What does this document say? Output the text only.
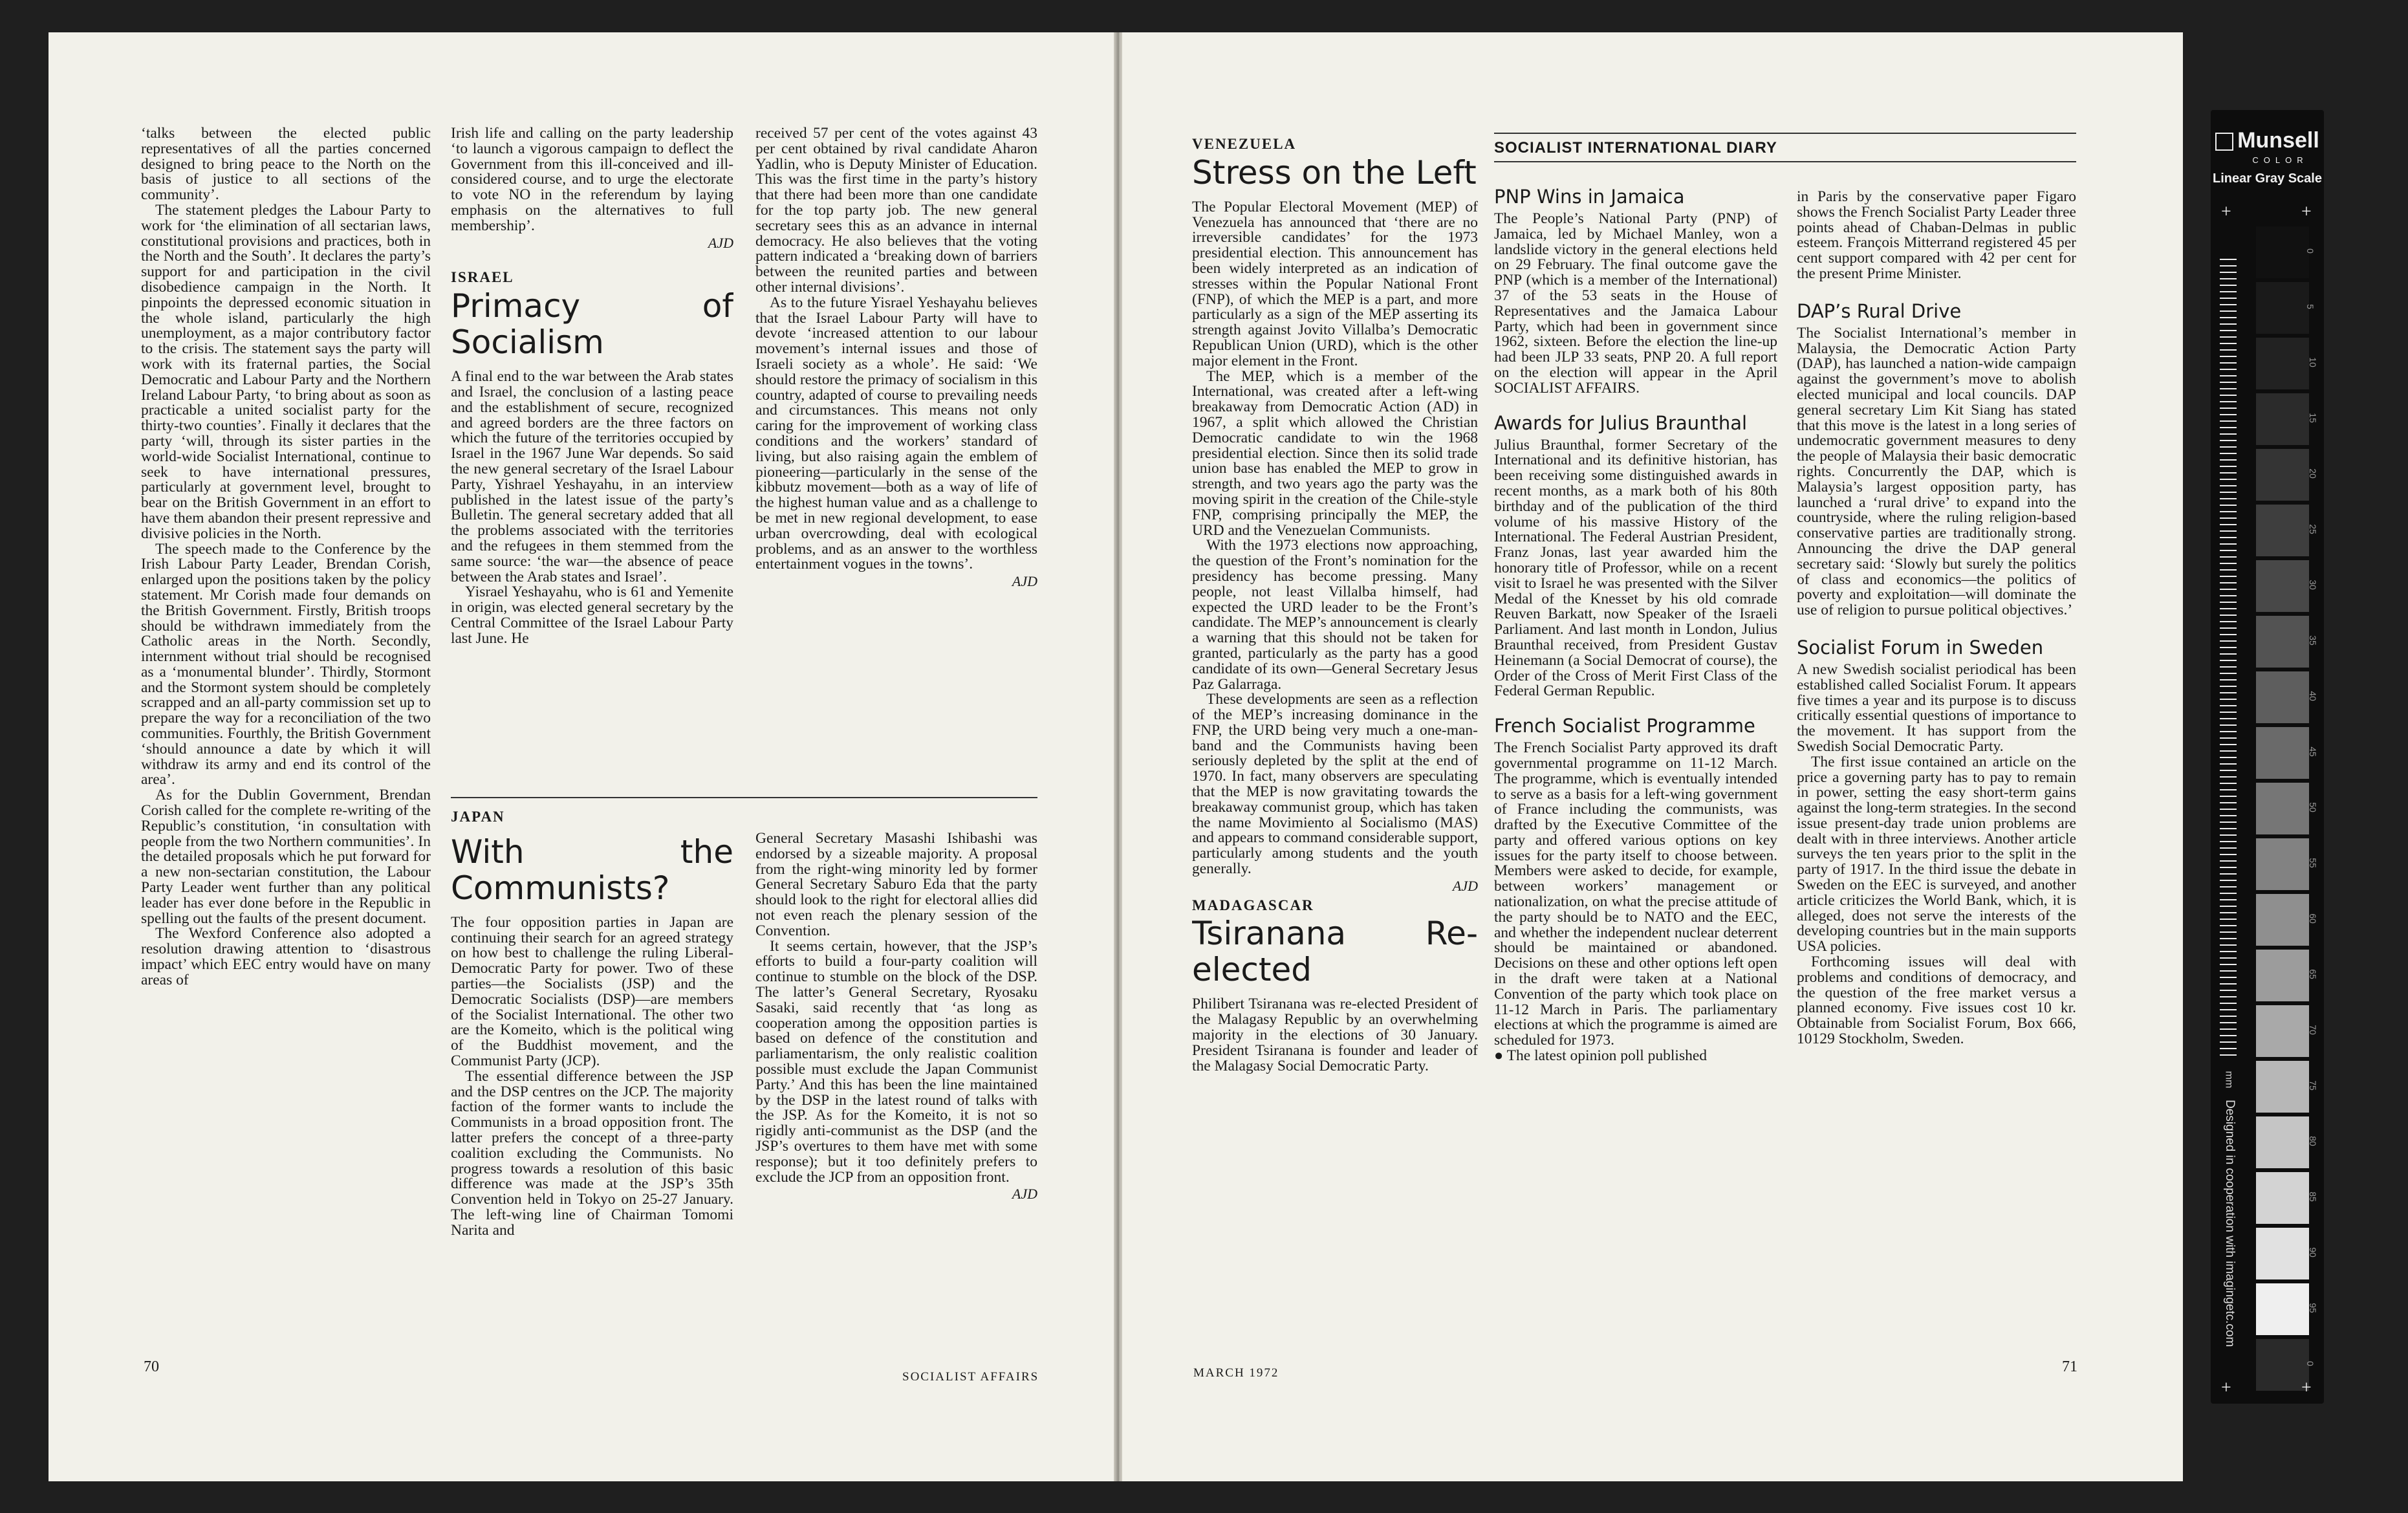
‘talks between the elected public representatives of all the parties concerned designed to bring peace to the North on the basis of justice to all sections of the community’.

The statement pledges the Labour Party to work for ‘the elimination of all sectarian laws, constitutional provisions and practices, both in the North and the South’. It declares the party’s support for and participation in the civil disobedience campaign in the North. It pinpoints the depressed economic situation in the whole island, particularly the high unemployment, as a major contributory factor to the crisis. The statement says the party will work with its fraternal parties, the Social Democratic and Labour Party and the Northern Ireland Labour Party, ‘to bring about as soon as practicable a united socialist party for the thirty-two counties’. Finally it declares that the party ‘will, through its sister parties in the world-wide Socialist International, continue to seek to have international pressures, particularly at government level, brought to bear on the British Government in an effort to have them abandon their present repressive and divisive policies in the North.

The speech made to the Conference by the Irish Labour Party Leader, Brendan Corish, enlarged upon the positions taken by the policy statement. Mr Corish made four demands on the British Government. Firstly, British troops should be withdrawn immediately from the Catholic areas in the North. Secondly, internment without trial should be recognised as a ‘monumental blunder’. Thirdly, Stormont and the Stormont system should be completely scrapped and an all-party commission set up to prepare the way for a reconciliation of the two communities. Fourthly, the British Government ‘should announce a date by which it will withdraw its army and end its control of the area’.

As for the Dublin Government, Brendan Corish called for the complete re-writing of the Republic’s constitution, ‘in consultation with people from the two Northern communities’. In the detailed proposals which he put forward for a new non-sectarian constitution, the Labour Party Leader went further than any political leader has ever done before in the Republic in spelling out the faults of the present document.

The Wexford Conference also adopted a resolution drawing attention to ‘disastrous impact’ which EEC entry would have on many areas of

Irish life and calling on the party leadership ‘to launch a vigorous campaign to deflect the Government from this ill-conceived and ill-considered course, and to urge the electorate to vote NO in the referendum by laying emphasis on the alternatives to full membership’.

AJD
ISRAEL
Primacy of Socialism

A final end to the war between the Arab states and Israel, the conclusion of a lasting peace and the establishment of secure, recognized and agreed borders are the three factors on which the future of the territories occupied by Israel in the 1967 June War depends. So said the new general secretary of the Israel Labour Party, Yishrael Yeshayahu, in an interview published in the latest issue of the party’s Bulletin. The general secretary added that all the problems associated with the territories and the refugees in them stemmed from the same source: ‘the war—the absence of peace between the Arab states and Israel’.

Yisrael Yeshayahu, who is 61 and Yemenite in origin, was elected general secretary by the Central Committee of the Israel Labour Party last June. He

received 57 per cent of the votes against 43 per cent obtained by rival candidate Aharon Yadlin, who is Deputy Minister of Education. This was the first time in the party’s history that there had been more than one candidate for the top party job. The new general secretary sees this as an advance in internal democracy. He also believes that the voting pattern indicated a ‘breaking down of barriers between the reunited parties and between other internal divisions’.

As to the future Yisrael Yeshayahu believes that the Israel Labour Party will have to devote ‘increased attention to our labour movement’s internal issues and those of Israeli society as a whole’. He said: ‘We should restore the primacy of socialism in this country, adapted of course to prevailing needs and circumstances. This means not only caring for the improvement of working class conditions and the workers’ standard of living, but also raising again the emblem of pioneering—particularly in the sense of the kibbutz movement—both as a way of life of the highest human value and as a challenge to be met in new regional development, to ease urban overcrowding, deal with ecological problems, and as an answer to the worthless entertainment vogues in the towns’.

AJD
JAPAN
With the Communists?

The four opposition parties in Japan are continuing their search for an agreed strategy on how best to challenge the ruling Liberal-Democratic Party for power. Two of these parties—the Socialists (JSP) and the Democratic Socialists (DSP)—are members of the Socialist International. The other two are the Komeito, which is the political wing of the Buddhist movement, and the Communist Party (JCP).

The essential difference between the JSP and the DSP centres on the JCP. The majority faction of the former wants to include the Communists in a broad opposition front. The latter prefers the concept of a three-party coalition excluding the Communists. No progress towards a resolution of this basic difference was made at the JSP’s 35th Convention held in Tokyo on 25-27 January. The left-wing line of Chairman Tomomi Narita and

General Secretary Masashi Ishibashi was endorsed by a sizeable majority. A proposal from the right-wing minority led by former General Secretary Saburo Eda that the party should look to the right for electoral allies did not even reach the plenary session of the Convention.

It seems certain, however, that the JSP’s efforts to build a four-party coalition will continue to stumble on the block of the DSP. The latter’s General Secretary, Ryosaku Sasaki, said recently that ‘as long as cooperation among the opposition parties is based on defence of the constitution and parliamentarism, the only realistic coalition possible must exclude the Japan Communist Party.’ And this has been the line maintained by the DSP in the latest round of talks with the JSP. As for the Komeito, it is not so rigidly anti-communist as the DSP (and the JSP’s overtures to them have met with some response); but it too definitely prefers to exclude the JCP from an opposition front.

AJD
70
SOCIALIST AFFAIRS
VENEZUELA
Stress on the Left

The Popular Electoral Movement (MEP) of Venezuela has announced that ‘there are no irreversible candidates’ for the 1973 presidential election. This announcement has been widely interpreted as an indication of stresses within the Popular National Front (FNP), of which the MEP is a part, and more particularly as a sign of the MEP asserting its strength against Jovito Villalba’s Democratic Republican Union (URD), which is the other major element in the Front.

The MEP, which is a member of the International, was created after a left-wing breakaway from Democratic Action (AD) in 1967, a split which allowed the Christian Democratic candidate to win the 1968 presidential election. Since then its solid trade union base has enabled the MEP to grow in strength, and two years ago the party was the moving spirit in the creation of the Chile-style FNP, comprising principally the MEP, the URD and the Venezuelan Communists.

With the 1973 elections now approaching, the question of the Front’s nomination for the presidency has become pressing. Many people, not least Villalba himself, had expected the URD leader to be the Front’s candidate. The MEP’s announcement is clearly a warning that this should not be taken for granted, particularly as the party has a good candidate of its own—General Secretary Jesus Paz Galarraga.

These developments are seen as a reflection of the MEP’s increasing dominance in the FNP, the URD being very much a one-man-band and the Communists having been seriously depleted by the split at the end of 1970. In fact, many observers are speculating that the MEP is now gravitating towards the breakaway communist group, which has taken the name Movimiento al Socialismo (MAS) and appears to command considerable support, particularly among students and the youth generally.

AJD
MADAGASCAR
Tsiranana Re-elected

Philibert Tsiranana was re-elected President of the Malagasy Republic by an overwhelming majority in the elections of 30 January. President Tsiranana is founder and leader of the Malagasy Social Democratic Party.

SOCIALIST INTERNATIONAL DIARY
PNP Wins in Jamaica

The People’s National Party (PNP) of Jamaica, led by Michael Manley, won a landslide victory in the general elections held on 29 February. The final outcome gave the PNP (which is a member of the International) 37 of the 53 seats in the House of Representatives and the Jamaica Labour Party, which had been in government since 1962, sixteen. Before the election the line-up had been JLP 33 seats, PNP 20. A full report on the election will appear in the April SOCIALIST AFFAIRS.

Awards for Julius Braunthal

Julius Braunthal, former Secretary of the International and its definitive historian, has been receiving some distinguished awards in recent months, as a mark both of his 80th birthday and of the publication of the third volume of his massive History of the International. The Federal Austrian President, Franz Jonas, last year awarded him the honorary title of Professor, while on a recent visit to Israel he was presented with the Silver Medal of the Knesset by his old comrade Reuven Barkatt, now Speaker of the Israeli Parliament. And last month in London, Julius Braunthal received, from President Gustav Heinemann (a Social Democrat of course), the Order of the Cross of Merit First Class of the Federal German Republic.

French Socialist Programme

The French Socialist Party approved its draft governmental programme on 11-12 March. The programme, which is eventually intended to serve as a basis for a left-wing government of France including the communists, was drafted by the Executive Committee of the party and offered various options on key issues for the party itself to choose between. Members were asked to decide, for example, between workers’ management or nationalization, on what the precise attitude of the party should be to NATO and the EEC, and whether the independent nuclear deterrent should be maintained or abandoned. Decisions on these and other options left open in the draft were taken at a National Convention of the party which took place on 11-12 March in Paris. The parliamentary elections at which the programme is aimed are scheduled for 1973.

● The latest opinion poll published

in Paris by the conservative paper Figaro shows the French Socialist Party Leader three points ahead of Chaban-Delmas in public esteem. François Mitterrand registered 45 per cent support compared with 42 per cent for the present Prime Minister.

DAP’s Rural Drive

The Socialist International’s member in Malaysia, the Democratic Action Party (DAP), has launched a nation-wide campaign against the government’s move to abolish elected municipal and local councils. DAP general secretary Lim Kit Siang has stated that this move is the latest in a long series of undemocratic government measures to deny the people of Malaysia their basic democratic rights. Concurrently the DAP, which is Malaysia’s largest opposition party, has launched a ‘rural drive’ to expand into the countryside, where the ruling religion-based conservative parties are traditionally strong. Announcing the drive the DAP general secretary said: ‘Slowly but surely the politics of class and economics—the politics of poverty and exploitation—will dominate the use of religion to pursue political objectives.’

Socialist Forum in Sweden

A new Swedish socialist periodical has been established called Socialist Forum. It appears five times a year and its purpose is to discuss critically essential questions of importance to the movement. It has support from the Swedish Social Democratic Party.

The first issue contained an article on the price a governing party has to pay to remain in power, setting the easy short-term gains against the long-term strategies. In the second issue present-day trade union problems are dealt with in three interviews. Another article surveys the ten years prior to the split in the party of 1917. In the third issue the debate in Sweden on the EEC is surveyed, and another article criticizes the World Bank, which, it is alleged, does not serve the interests of the developing countries but in the main supports USA policies.

Forthcoming issues will deal with problems and conditions of democracy, and the question of the free market versus a planned economy. Five issues cost 10 kr. Obtainable from Socialist Forum, Box 666, 10129 Stockholm, Sweden.

MARCH 1972	71
Munsell
COLOR
Linear Gray Scale
+	+
mm
Designed in cooperation with imagingetc.com
0
5
10
15
20
25
30
35
40
45
50
55
60
65
70
75
80
85
90
95
0
+	+
